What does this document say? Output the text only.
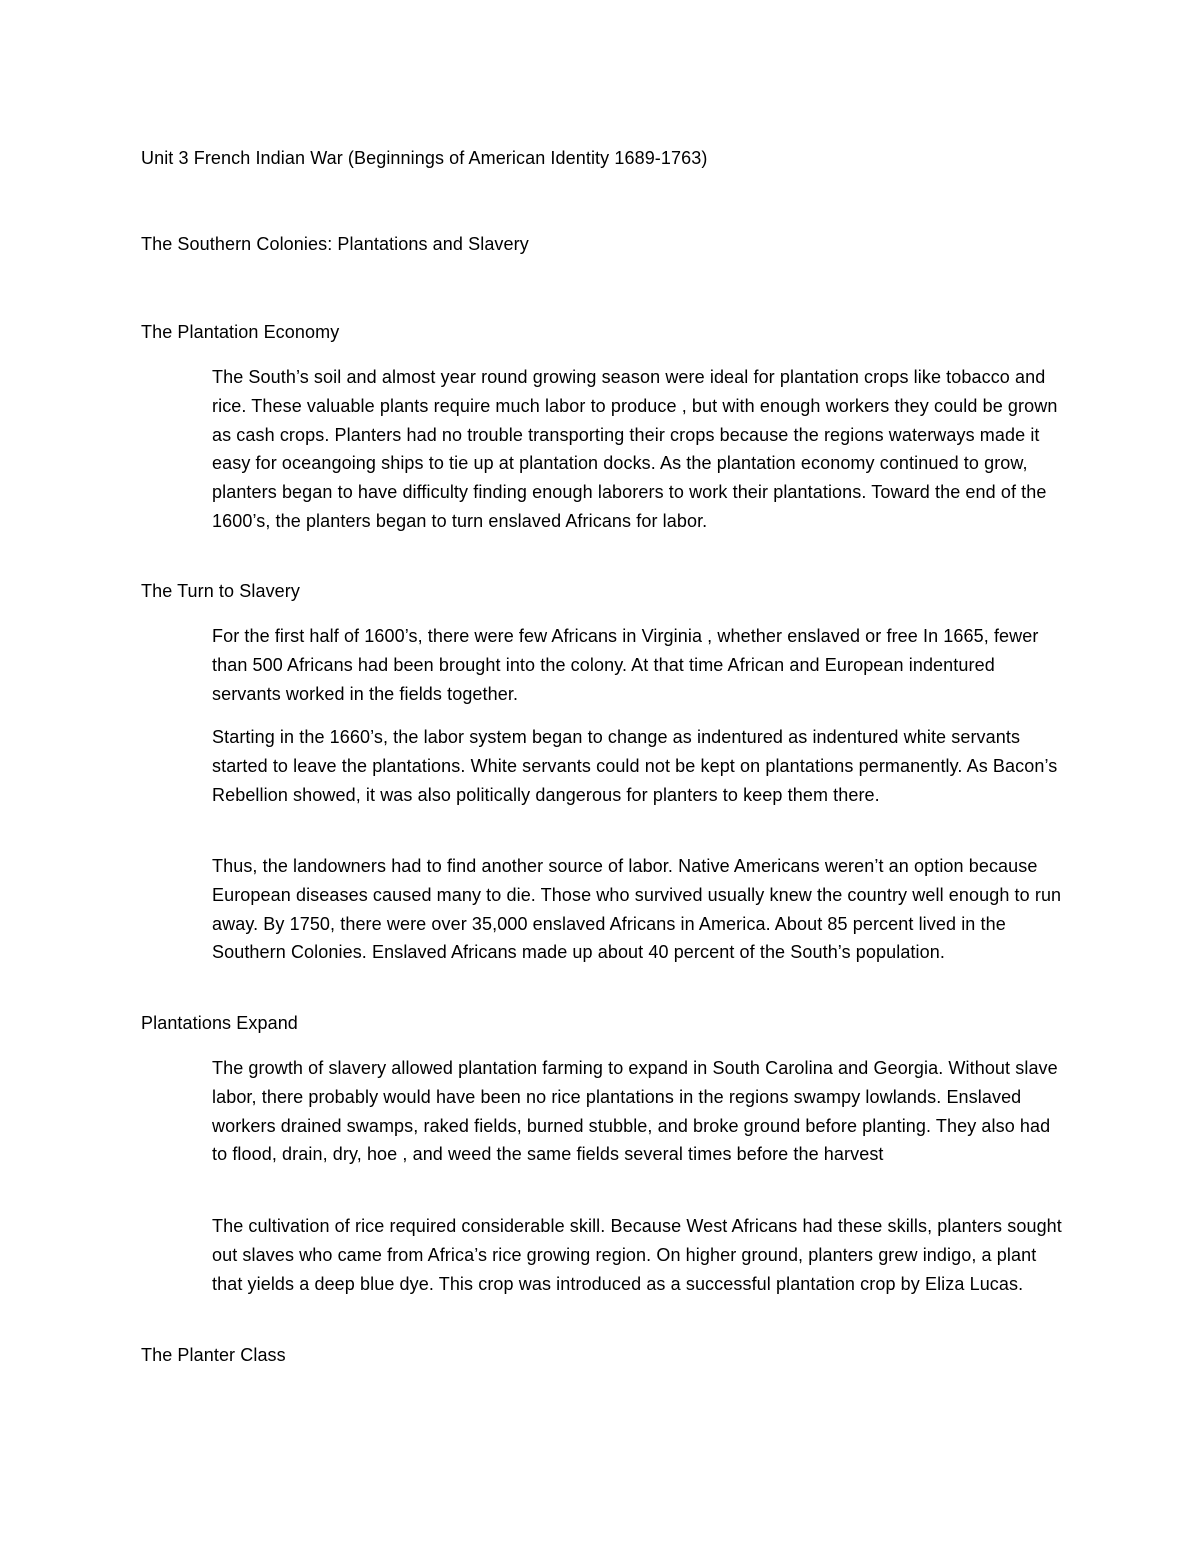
Unit 3 French Indian War (Beginnings of American Identity 1689-1763)
The Southern Colonies: Plantations and Slavery
The Plantation Economy
The South’s soil and almost year round growing season were ideal for plantation crops like tobacco and rice. These valuable plants require much labor to produce , but with enough workers they could be grown as cash crops. Planters had no trouble transporting their crops because the regions waterways made it easy for oceangoing ships to tie up at plantation docks. As the plantation economy continued to grow, planters began to have difficulty finding enough laborers to work their plantations. Toward the end of the 1600’s, the planters began to turn enslaved Africans for labor.
The Turn to Slavery
For the first half of 1600’s, there were few Africans in Virginia , whether enslaved or free In 1665, fewer than 500 Africans had been brought into the colony. At that time African and European indentured servants worked in the fields together.
Starting in the 1660’s, the labor system began to change as indentured as indentured white servants started to leave the plantations. White servants could not be kept on plantations permanently. As Bacon’s Rebellion showed, it was also politically dangerous for planters to keep them there.
Thus, the landowners had to find another source of labor. Native Americans weren’t an option because European diseases caused many to die. Those who survived usually knew the country well enough to run away. By 1750, there were over 35,000 enslaved Africans in America. About 85 percent lived in the Southern Colonies. Enslaved Africans made up about 40 percent of the South’s population.
Plantations Expand
The growth of slavery allowed plantation farming to expand in South Carolina and Georgia. Without slave labor, there probably would have been no rice plantations in the regions swampy lowlands. Enslaved workers drained swamps, raked fields, burned stubble, and broke ground before planting. They also had to flood, drain, dry, hoe , and weed the same fields several times before the harvest
The cultivation of rice required considerable skill. Because West Africans had these skills, planters sought out slaves who came from Africa’s rice growing region. On higher ground, planters grew indigo, a plant that yields a deep blue dye. This crop was introduced as a successful plantation crop by Eliza Lucas.
The Planter Class
